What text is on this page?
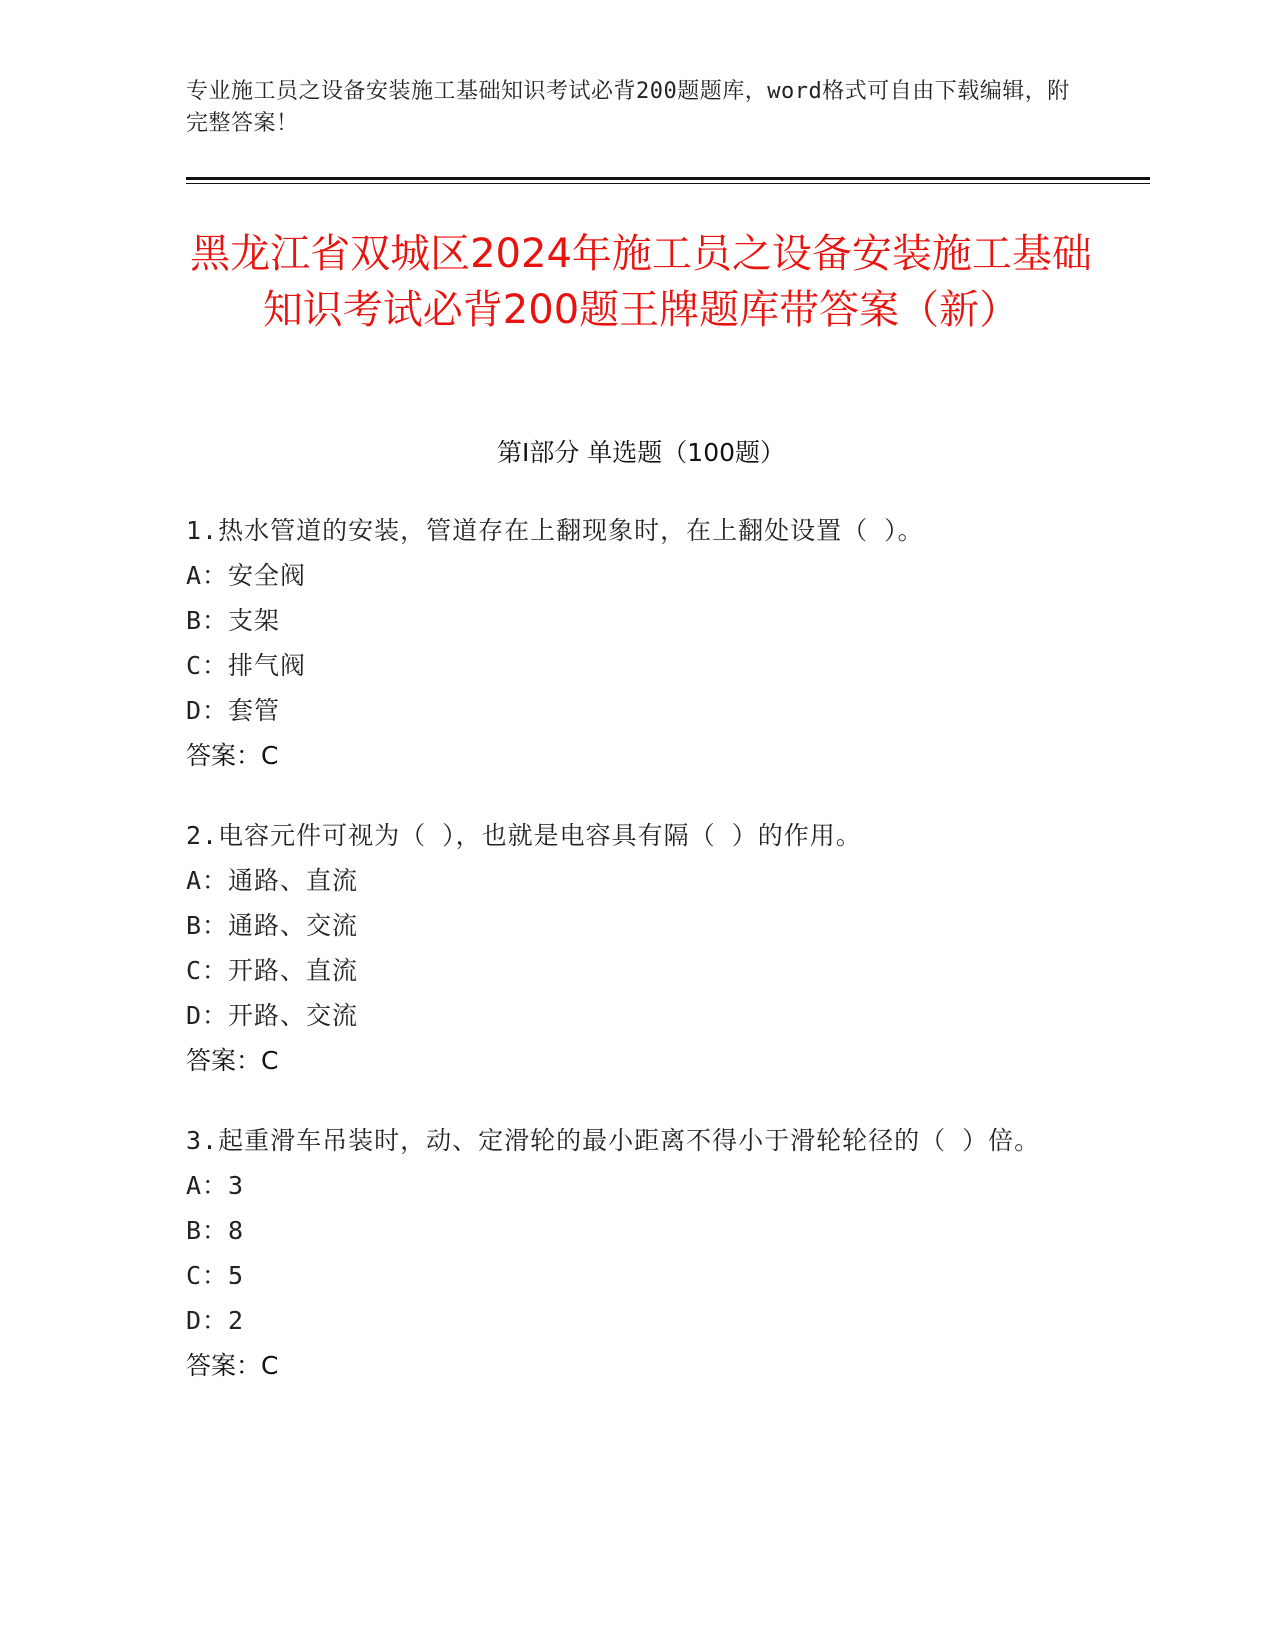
专业施工员之设备安装施工基础知识考试必背200题题库，word格式可自由下载编辑，附完整答案！
黑龙江省双城区2024年施工员之设备安装施工基础知识考试必背200题王牌题库带答案（新）
第Ⅰ部分 单选题（100题）
1.热水管道的安装，管道存在上翻现象时，在上翻处设置（ ）。
A：安全阀
B：支架
C：排气阀
D：套管
答案：C
2.电容元件可视为（ ），也就是电容具有隔（ ）的作用。
A：通路、直流
B：通路、交流
C：开路、直流
D：开路、交流
答案：C
3.起重滑车吊装时，动、定滑轮的最小距离不得小于滑轮轮径的（ ）倍。
A：3
B：8
C：5
D：2
答案：C
